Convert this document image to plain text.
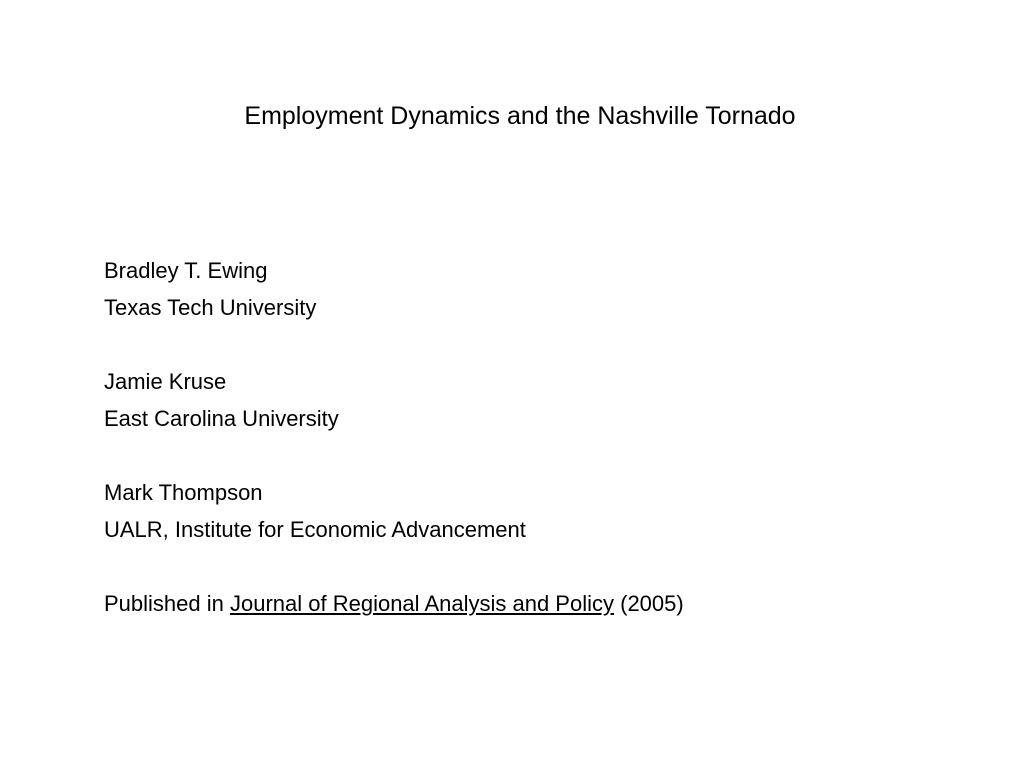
Employment Dynamics and the Nashville Tornado
Bradley T. Ewing
Texas Tech University
Jamie Kruse
East Carolina University
Mark Thompson
UALR, Institute for Economic Advancement
Published in Journal of Regional Analysis and Policy (2005)
